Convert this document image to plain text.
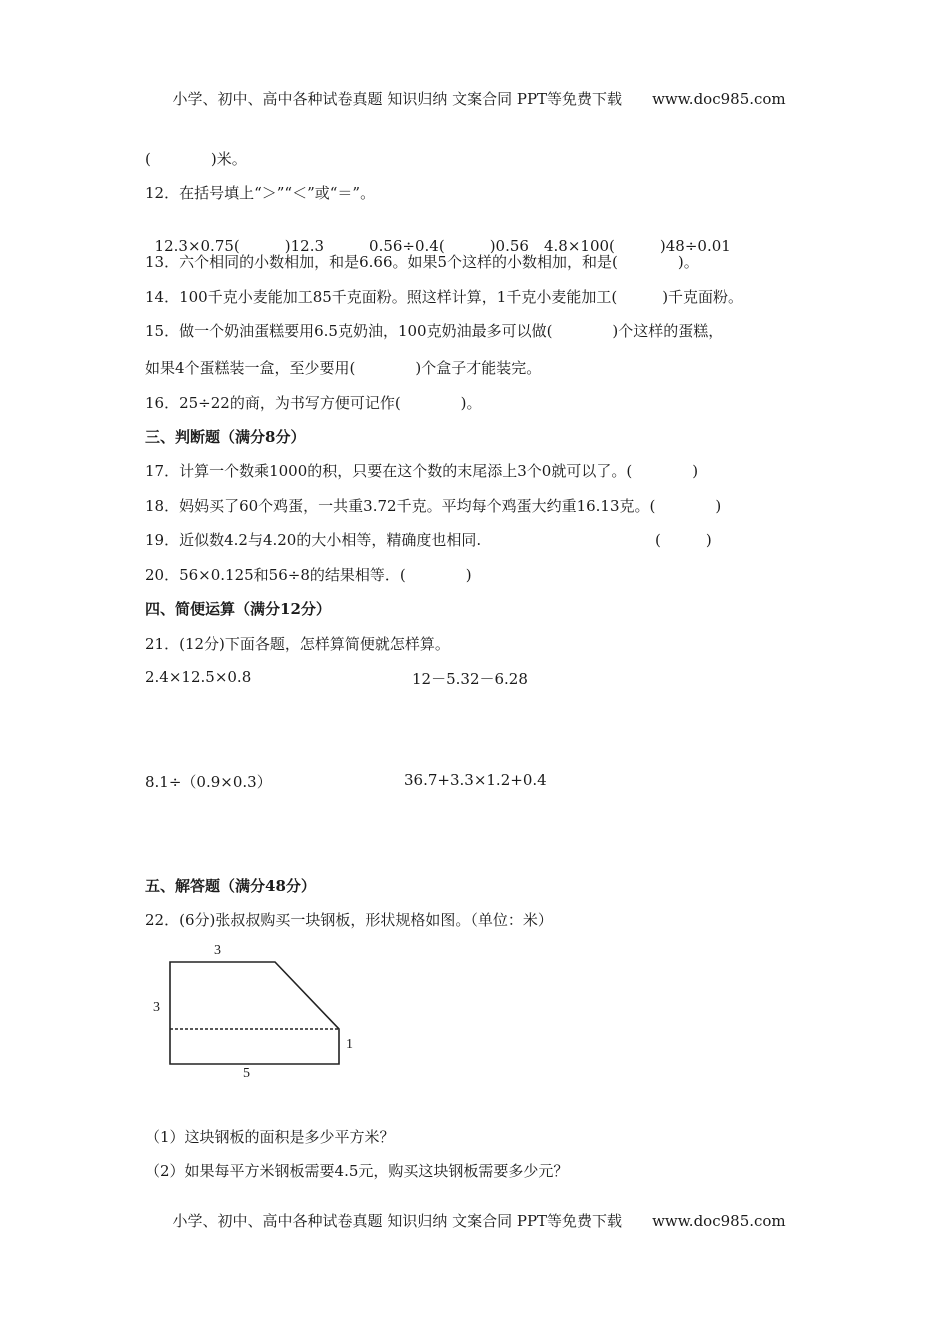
小学、初中、高中各种试卷真题 知识归纳 文案合同 PPT等免费下载　　 www.doc985.com

(　　　　)米。
12．在括号填上“＞”“＜”或“＝”。

12.3×0.75(　　　)12.3　　　	0.56÷0.4(　　　)0.56　 4.8×100(　　　)48÷0.01

13．六个相同的小数相加，和是6.66。如果5个这样的小数相加，和是(　　　　)。
14．100千克小麦能加工85千克面粉。照这样计算，1千克小麦能加工(　　　)千克面粉。
15．做一个奶油蛋糕要用6.5克奶油，100克奶油最多可以做(　　　　)个这样的蛋糕，
如果4个蛋糕装一盒，至少要用(　　　　)个盒子才能装完。
16．25÷22的商，为书写方便可记作(　　　　)。
三、判断题（满分8分）
17．计算一个数乘1000的积，只要在这个数的末尾添上3个0就可以了。(　　　　)
18．妈妈买了60个鸡蛋，一共重3.72千克。平均每个鸡蛋大约重16.13克。(　　　　)
19．近似数4.2与4.20的大小相等，精确度也相同.	(　　　)
20．56×0.125和56÷8的结果相等．(　　　　)
四、简便运算（满分12分）
21．(12分)下面各题，怎样算简便就怎样算。
2.4×12.5×0.8	12－5.32－6.28
8.1÷（0.9×0.3）	36.7+3.3×1.2+0.4
五、解答题（满分48分）
22．(6分)张叔叔购买一块钢板，形状规格如图。（单位：米）
3
3
1
5
（1）这块钢板的面积是多少平方米？
（2）如果每平方米钢板需要4.5元，购买这块钢板需要多少元？

小学、初中、高中各种试卷真题 知识归纳 文案合同 PPT等免费下载　　 www.doc985.com
